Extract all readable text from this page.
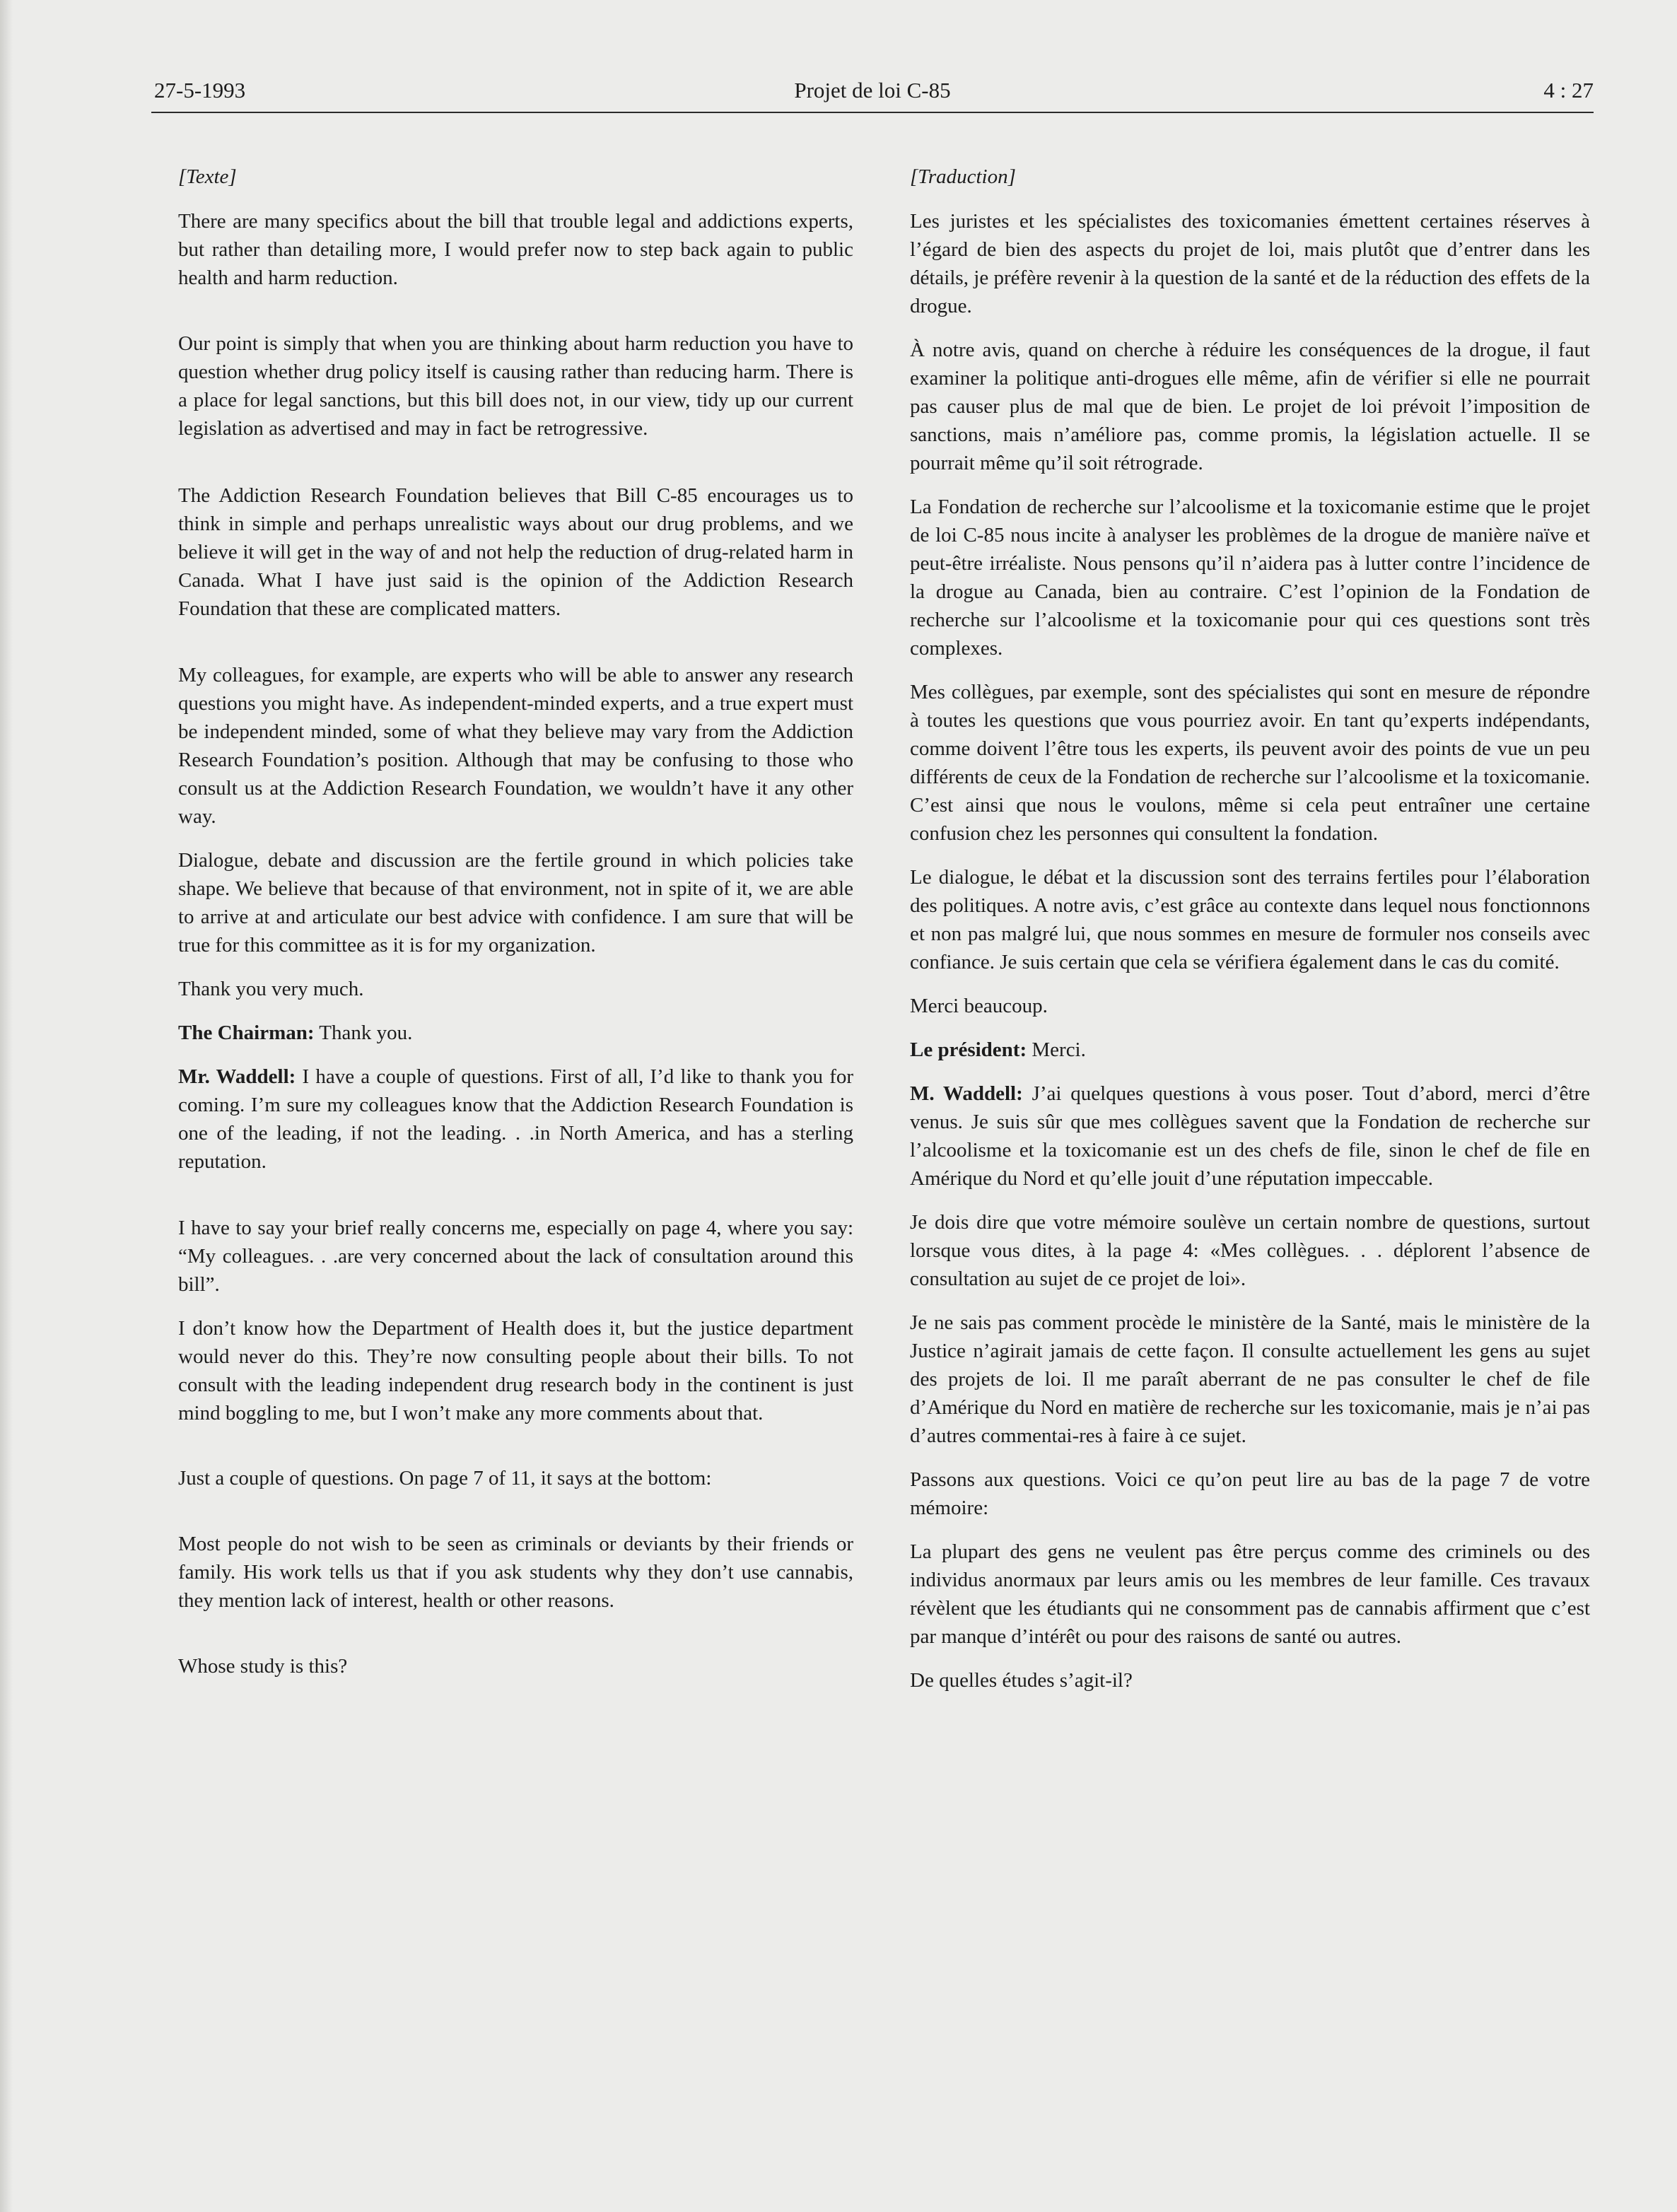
27-5-1993	Projet de loi C-85	4 : 27

[Texte]

There are many specifics about the bill that trouble legal and addictions experts, but rather than detailing more, I would prefer now to step back again to public health and harm reduction.

Our point is simply that when you are thinking about harm reduction you have to question whether drug policy itself is causing rather than reducing harm. There is a place for legal sanctions, but this bill does not, in our view, tidy up our current legislation as advertised and may in fact be retrogressive.

The Addiction Research Foundation believes that Bill C-85 encourages us to think in simple and perhaps unrealistic ways about our drug problems, and we believe it will get in the way of and not help the reduction of drug-related harm in Canada. What I have just said is the opinion of the Addiction Research Foundation that these are complicated matters.

My colleagues, for example, are experts who will be able to answer any research questions you might have. As independent-minded experts, and a true expert must be independent minded, some of what they believe may vary from the Addiction Research Foundation’s position. Although that may be confusing to those who consult us at the Addiction Research Foundation, we wouldn’t have it any other way.

Dialogue, debate and discussion are the fertile ground in which policies take shape. We believe that because of that environment, not in spite of it, we are able to arrive at and articulate our best advice with confidence. I am sure that will be true for this committee as it is for my organization.

Thank you very much.

The Chairman: Thank you.

Mr. Waddell: I have a couple of questions. First of all, I’d like to thank you for coming. I’m sure my colleagues know that the Addiction Research Foundation is one of the leading, if not the leading. . .in North America, and has a sterling reputation.

I have to say your brief really concerns me, especially on page 4, where you say: “My colleagues. . .are very concerned about the lack of consultation around this bill”.

I don’t know how the Department of Health does it, but the justice department would never do this. They’re now consulting people about their bills. To not consult with the leading independent drug research body in the continent is just mind boggling to me, but I won’t make any more comments about that.

Just a couple of questions. On page 7 of 11, it says at the bottom:

Most people do not wish to be seen as criminals or deviants by their friends or family. His work tells us that if you ask students why they don’t use cannabis, they mention lack of interest, health or other reasons.

Whose study is this?

[Traduction]

Les juristes et les spécialistes des toxicomanies émettent certaines réserves à l’égard de bien des aspects du projet de loi, mais plutôt que d’entrer dans les détails, je préfère revenir à la question de la santé et de la réduction des effets de la drogue.

À notre avis, quand on cherche à réduire les conséquences de la drogue, il faut examiner la politique anti-drogues elle même, afin de vérifier si elle ne pourrait pas causer plus de mal que de bien. Le projet de loi prévoit l’imposition de sanctions, mais n’améliore pas, comme promis, la législation actuelle. Il se pourrait même qu’il soit rétrograde.

La Fondation de recherche sur l’alcoolisme et la toxicomanie estime que le projet de loi C-85 nous incite à analyser les problèmes de la drogue de manière naïve et peut-être irréaliste. Nous pensons qu’il n’aidera pas à lutter contre l’incidence de la drogue au Canada, bien au contraire. C’est l’opinion de la Fondation de recherche sur l’alcoolisme et la toxicomanie pour qui ces questions sont très complexes.

Mes collègues, par exemple, sont des spécialistes qui sont en mesure de répondre à toutes les questions que vous pourriez avoir. En tant qu’experts indépendants, comme doivent l’être tous les experts, ils peuvent avoir des points de vue un peu différents de ceux de la Fondation de recherche sur l’alcoolisme et la toxicomanie. C’est ainsi que nous le voulons, même si cela peut entraîner une certaine confusion chez les personnes qui consultent la fondation.

Le dialogue, le débat et la discussion sont des terrains fertiles pour l’élaboration des politiques. A notre avis, c’est grâce au contexte dans lequel nous fonctionnons et non pas malgré lui, que nous sommes en mesure de formuler nos conseils avec confiance. Je suis certain que cela se vérifiera également dans le cas du comité.

Merci beaucoup.

Le président: Merci.

M. Waddell: J’ai quelques questions à vous poser. Tout d’abord, merci d’être venus. Je suis sûr que mes collègues savent que la Fondation de recherche sur l’alcoolisme et la toxicomanie est un des chefs de file, sinon le chef de file en Amérique du Nord et qu’elle jouit d’une réputation impeccable.

Je dois dire que votre mémoire soulève un certain nombre de questions, surtout lorsque vous dites, à la page 4: «Mes collègues. . . déplorent l’absence de consultation au sujet de ce projet de loi».

Je ne sais pas comment procède le ministère de la Santé, mais le ministère de la Justice n’agirait jamais de cette façon. Il consulte actuellement les gens au sujet des projets de loi. Il me paraît aberrant de ne pas consulter le chef de file d’Amérique du Nord en matière de recherche sur les toxicomanie, mais je n’ai pas d’autres commentai-res à faire à ce sujet.

Passons aux questions. Voici ce qu’on peut lire au bas de la page 7 de votre mémoire:

La plupart des gens ne veulent pas être perçus comme des criminels ou des individus anormaux par leurs amis ou les membres de leur famille. Ces travaux révèlent que les étudiants qui ne consomment pas de cannabis affirment que c’est par manque d’intérêt ou pour des raisons de santé ou autres.

De quelles études s’agit-il?
